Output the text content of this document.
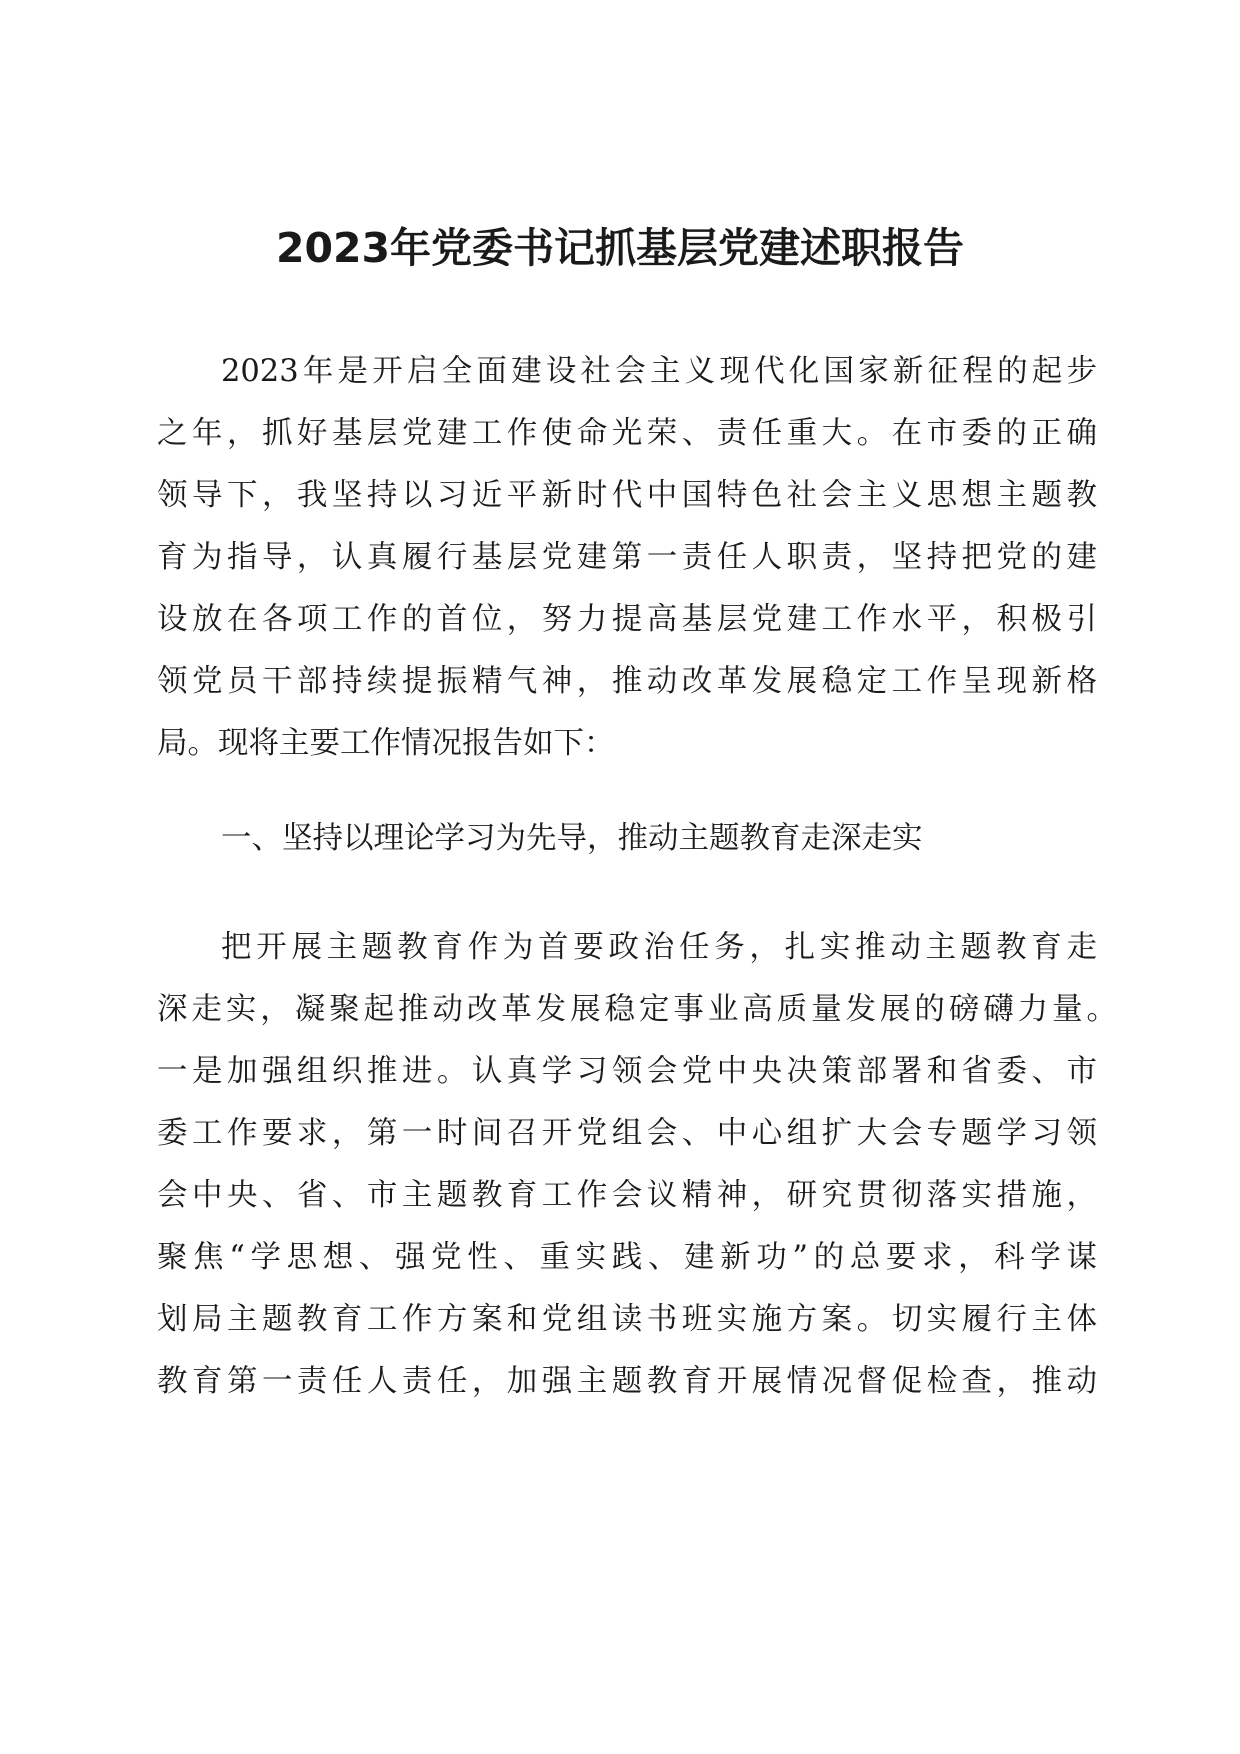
2023年党委书记抓基层党建述职报告

2023年是开启全面建设社会主义现代化国家新征程的起步

之年，抓好基层党建工作使命光荣、责任重大。在市委的正确

领导下，我坚持以习近平新时代中国特色社会主义思想主题教

育为指导，认真履行基层党建第一责任人职责，坚持把党的建

设放在各项工作的首位，努力提高基层党建工作水平，积极引

领党员干部持续提振精气神，推动改革发展稳定工作呈现新格

局。现将主要工作情况报告如下：

一、坚持以理论学习为先导，推动主题教育走深走实

把开展主题教育作为首要政治任务，扎实推动主题教育走

深走实，凝聚起推动改革发展稳定事业高质量发展的磅礴力量。

一是加强组织推进。认真学习领会党中央决策部署和省委、市

委工作要求，第一时间召开党组会、中心组扩大会专题学习领

会中央、省、市主题教育工作会议精神，研究贯彻落实措施，

聚焦“学思想、强党性、重实践、建新功”的总要求，科学谋

划局主题教育工作方案和党组读书班实施方案。切实履行主体

教育第一责任人责任，加强主题教育开展情况督促检查，推动
